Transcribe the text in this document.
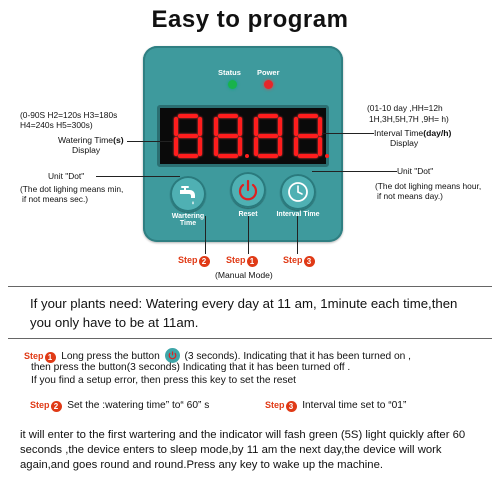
Easy to program
Status Power
Wartering Time
Reset	Interval Time
(0-90S H2=120s H3=180s
H4=240s H5=300s)
Watering Time(s)
Display
Unit "Dot"
(The dot lighing means min,
if not means sec.)
(01-10 day ,HH=12h
1H,3H,5H,7H ,9H= h)
Interval Time(day/h)
Display
Unit "Dot"
(The dot lighing means hour,
if not means day.)
Step 2	Step 1	Step 3
(Manual Mode)
If your plants need: Watering every day at 11 am, 1minute each time,then you only have to be at 11am.
Step 1 Long press the button (3 seconds). Indicating that it has been turned on ,
then press the button(3 seconds) Indicating that it has been turned off .
If you find a setup error, then press this key to set the reset
Step 2 Set the :watering time” to“ 60” s	Step 3 Interval time set to “01”
it will enter to the first wartering and the indicator will fash green (5S) light quickly after 60 seconds ,the device enters to sleep mode,by 11 am the next day,the device will work again,and goes round and round.Press any key to wake up the machine.
